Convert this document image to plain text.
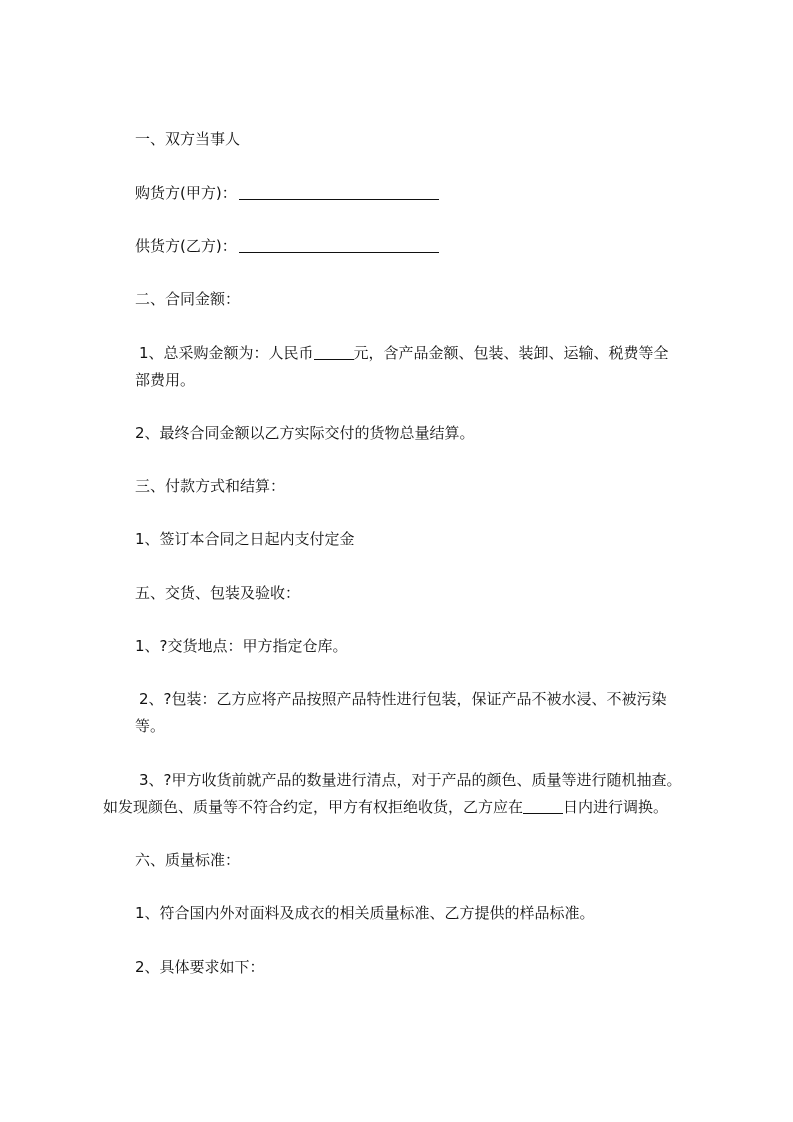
一、双方当事人
购货方(甲方)：
供货方(乙方)：
二、合同金额：
1、总采购金额为：人民币	元，含产品金额、包装、装卸、运输、税费等全
部费用。
2、最终合同金额以乙方实际交付的货物总量结算。
三、付款方式和结算：
1、签订本合同之日起内支付定金
五、交货、包装及验收：
1、?交货地点：甲方指定仓库。
2、?包装：乙方应将产品按照产品特性进行包装，保证产品不被水浸、不被污染
等。
3、?甲方收货前就产品的数量进行清点，对于产品的颜色、质量等进行随机抽查。
如发现颜色、质量等不符合约定，甲方有权拒绝收货，乙方应在	日内进行调换。
六、质量标准：
1、符合国内外对面料及成衣的相关质量标准、乙方提供的样品标准。
2、具体要求如下：
